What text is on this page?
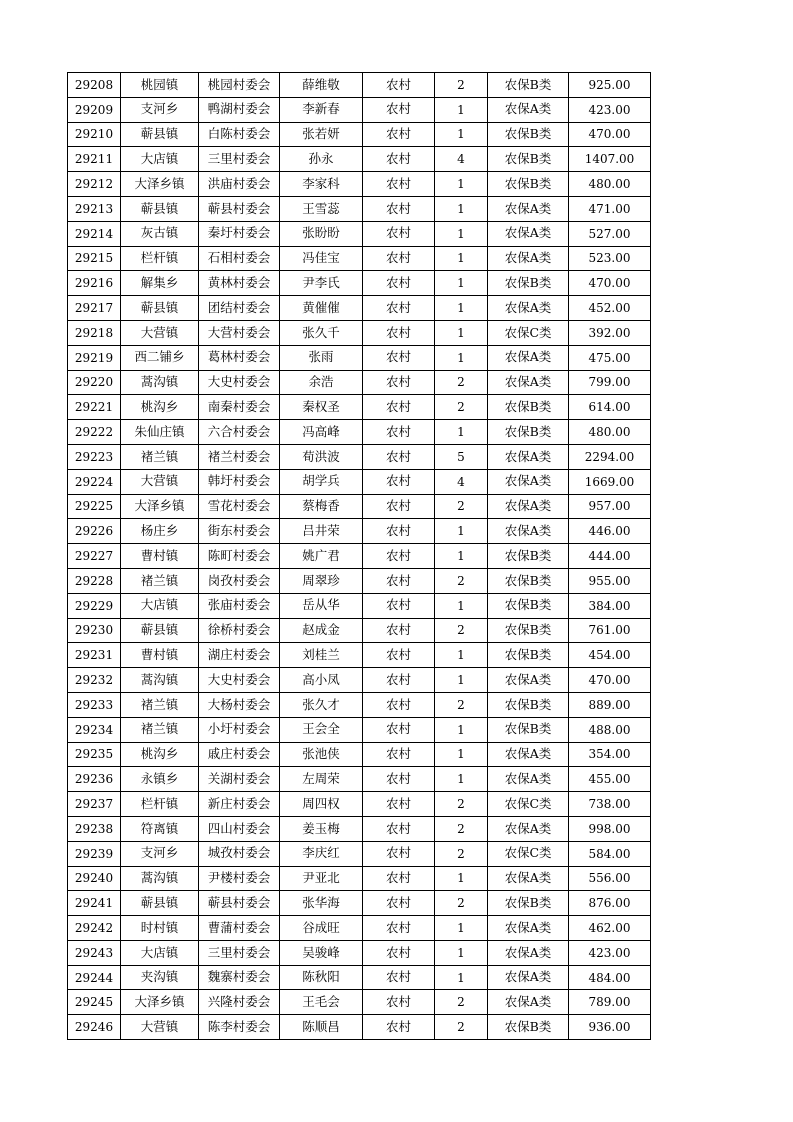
29208	桃园镇	桃园村委会	薛维敬	农村	2	农保B类	925.00
29209	支河乡	鸭湖村委会	李新春	农村	1	农保A类	423.00
29210	蕲县镇	白陈村委会	张若妍	农村	1	农保B类	470.00
29211	大店镇	三里村委会	孙永	农村	4	农保B类	1407.00
29212	大泽乡镇	洪庙村委会	李家科	农村	1	农保B类	480.00
29213	蕲县镇	蕲县村委会	王雪蕊	农村	1	农保A类	471.00
29214	灰古镇	秦圩村委会	张盼盼	农村	1	农保A类	527.00
29215	栏杆镇	石相村委会	冯佳宝	农村	1	农保A类	523.00
29216	解集乡	黄林村委会	尹李氏	农村	1	农保B类	470.00
29217	蕲县镇	团结村委会	黄催催	农村	1	农保A类	452.00
29218	大营镇	大营村委会	张久千	农村	1	农保C类	392.00
29219	西二铺乡	葛林村委会	张雨	农村	1	农保A类	475.00
29220	蒿沟镇	大史村委会	余浩	农村	2	农保A类	799.00
29221	桃沟乡	南秦村委会	秦权圣	农村	2	农保B类	614.00
29222	朱仙庄镇	六合村委会	冯高峰	农村	1	农保B类	480.00
29223	褚兰镇	褚兰村委会	荀洪波	农村	5	农保A类	2294.00
29224	大营镇	韩圩村委会	胡学兵	农村	4	农保A类	1669.00
29225	大泽乡镇	雪花村委会	蔡梅香	农村	2	农保A类	957.00
29226	杨庄乡	街东村委会	吕井荣	农村	1	农保A类	446.00
29227	曹村镇	陈町村委会	姚广君	农村	1	农保B类	444.00
29228	褚兰镇	岗孜村委会	周翠珍	农村	2	农保B类	955.00
29229	大店镇	张庙村委会	岳从华	农村	1	农保B类	384.00
29230	蕲县镇	徐桥村委会	赵成金	农村	2	农保B类	761.00
29231	曹村镇	湖庄村委会	刘桂兰	农村	1	农保B类	454.00
29232	蒿沟镇	大史村委会	高小凤	农村	1	农保A类	470.00
29233	褚兰镇	大杨村委会	张久才	农村	2	农保B类	889.00
29234	褚兰镇	小圩村委会	王会全	农村	1	农保B类	488.00
29235	桃沟乡	戚庄村委会	张池侠	农村	1	农保A类	354.00
29236	永镇乡	关湖村委会	左周荣	农村	1	农保A类	455.00
29237	栏杆镇	新庄村委会	周四权	农村	2	农保C类	738.00
29238	符离镇	四山村委会	姜玉梅	农村	2	农保A类	998.00
29239	支河乡	城孜村委会	李庆红	农村	2	农保C类	584.00
29240	蒿沟镇	尹楼村委会	尹亚北	农村	1	农保A类	556.00
29241	蕲县镇	蕲县村委会	张华海	农村	2	农保B类	876.00
29242	时村镇	曹蒲村委会	谷成旺	农村	1	农保A类	462.00
29243	大店镇	三里村委会	吴骏峰	农村	1	农保A类	423.00
29244	夹沟镇	魏寨村委会	陈秋阳	农村	1	农保A类	484.00
29245	大泽乡镇	兴隆村委会	王毛会	农村	2	农保A类	789.00
29246	大营镇	陈李村委会	陈顺昌	农村	2	农保B类	936.00
